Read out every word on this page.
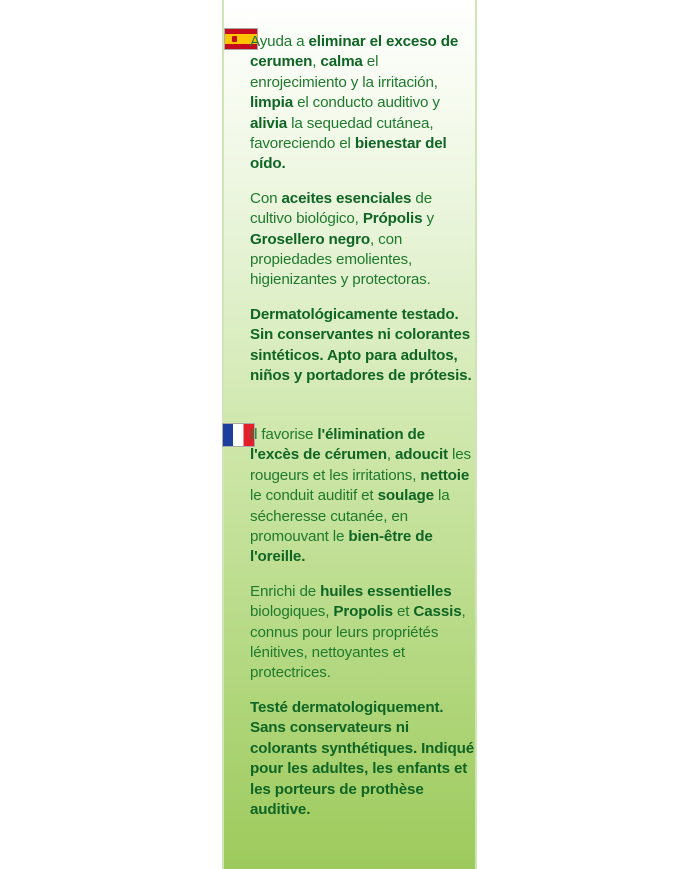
Ayuda a eliminar el exceso de cerumen, calma el enrojecimiento y la irritación, limpia el conducto auditivo y alivia la sequedad cutánea, favoreciendo el bienestar del oído.

Con aceites esenciales de cultivo biológico, Própolis y Grosellero negro, con propiedades emolientes, higienizantes y protectoras.

Dermatológicamente testado. Sin conservantes ni colorantes sintéticos. Apto para adultos, niños y portadores de prótesis.

Il favorise l'élimination de l'excès de cérumen, adoucit les rougeurs et les irritations, nettoie le conduit auditif et soulage la sécheresse cutanée, en promouvant le bien-être de l'oreille.

Enrichi de huiles essentielles biologiques, Propolis et Cassis, connus pour leurs propriétés lénitives, nettoyantes et protectrices.

Testé dermatologiquement. Sans conservateurs ni colorants synthétiques. Indiqué pour les adultes, les enfants et les porteurs de prothèse auditive.
